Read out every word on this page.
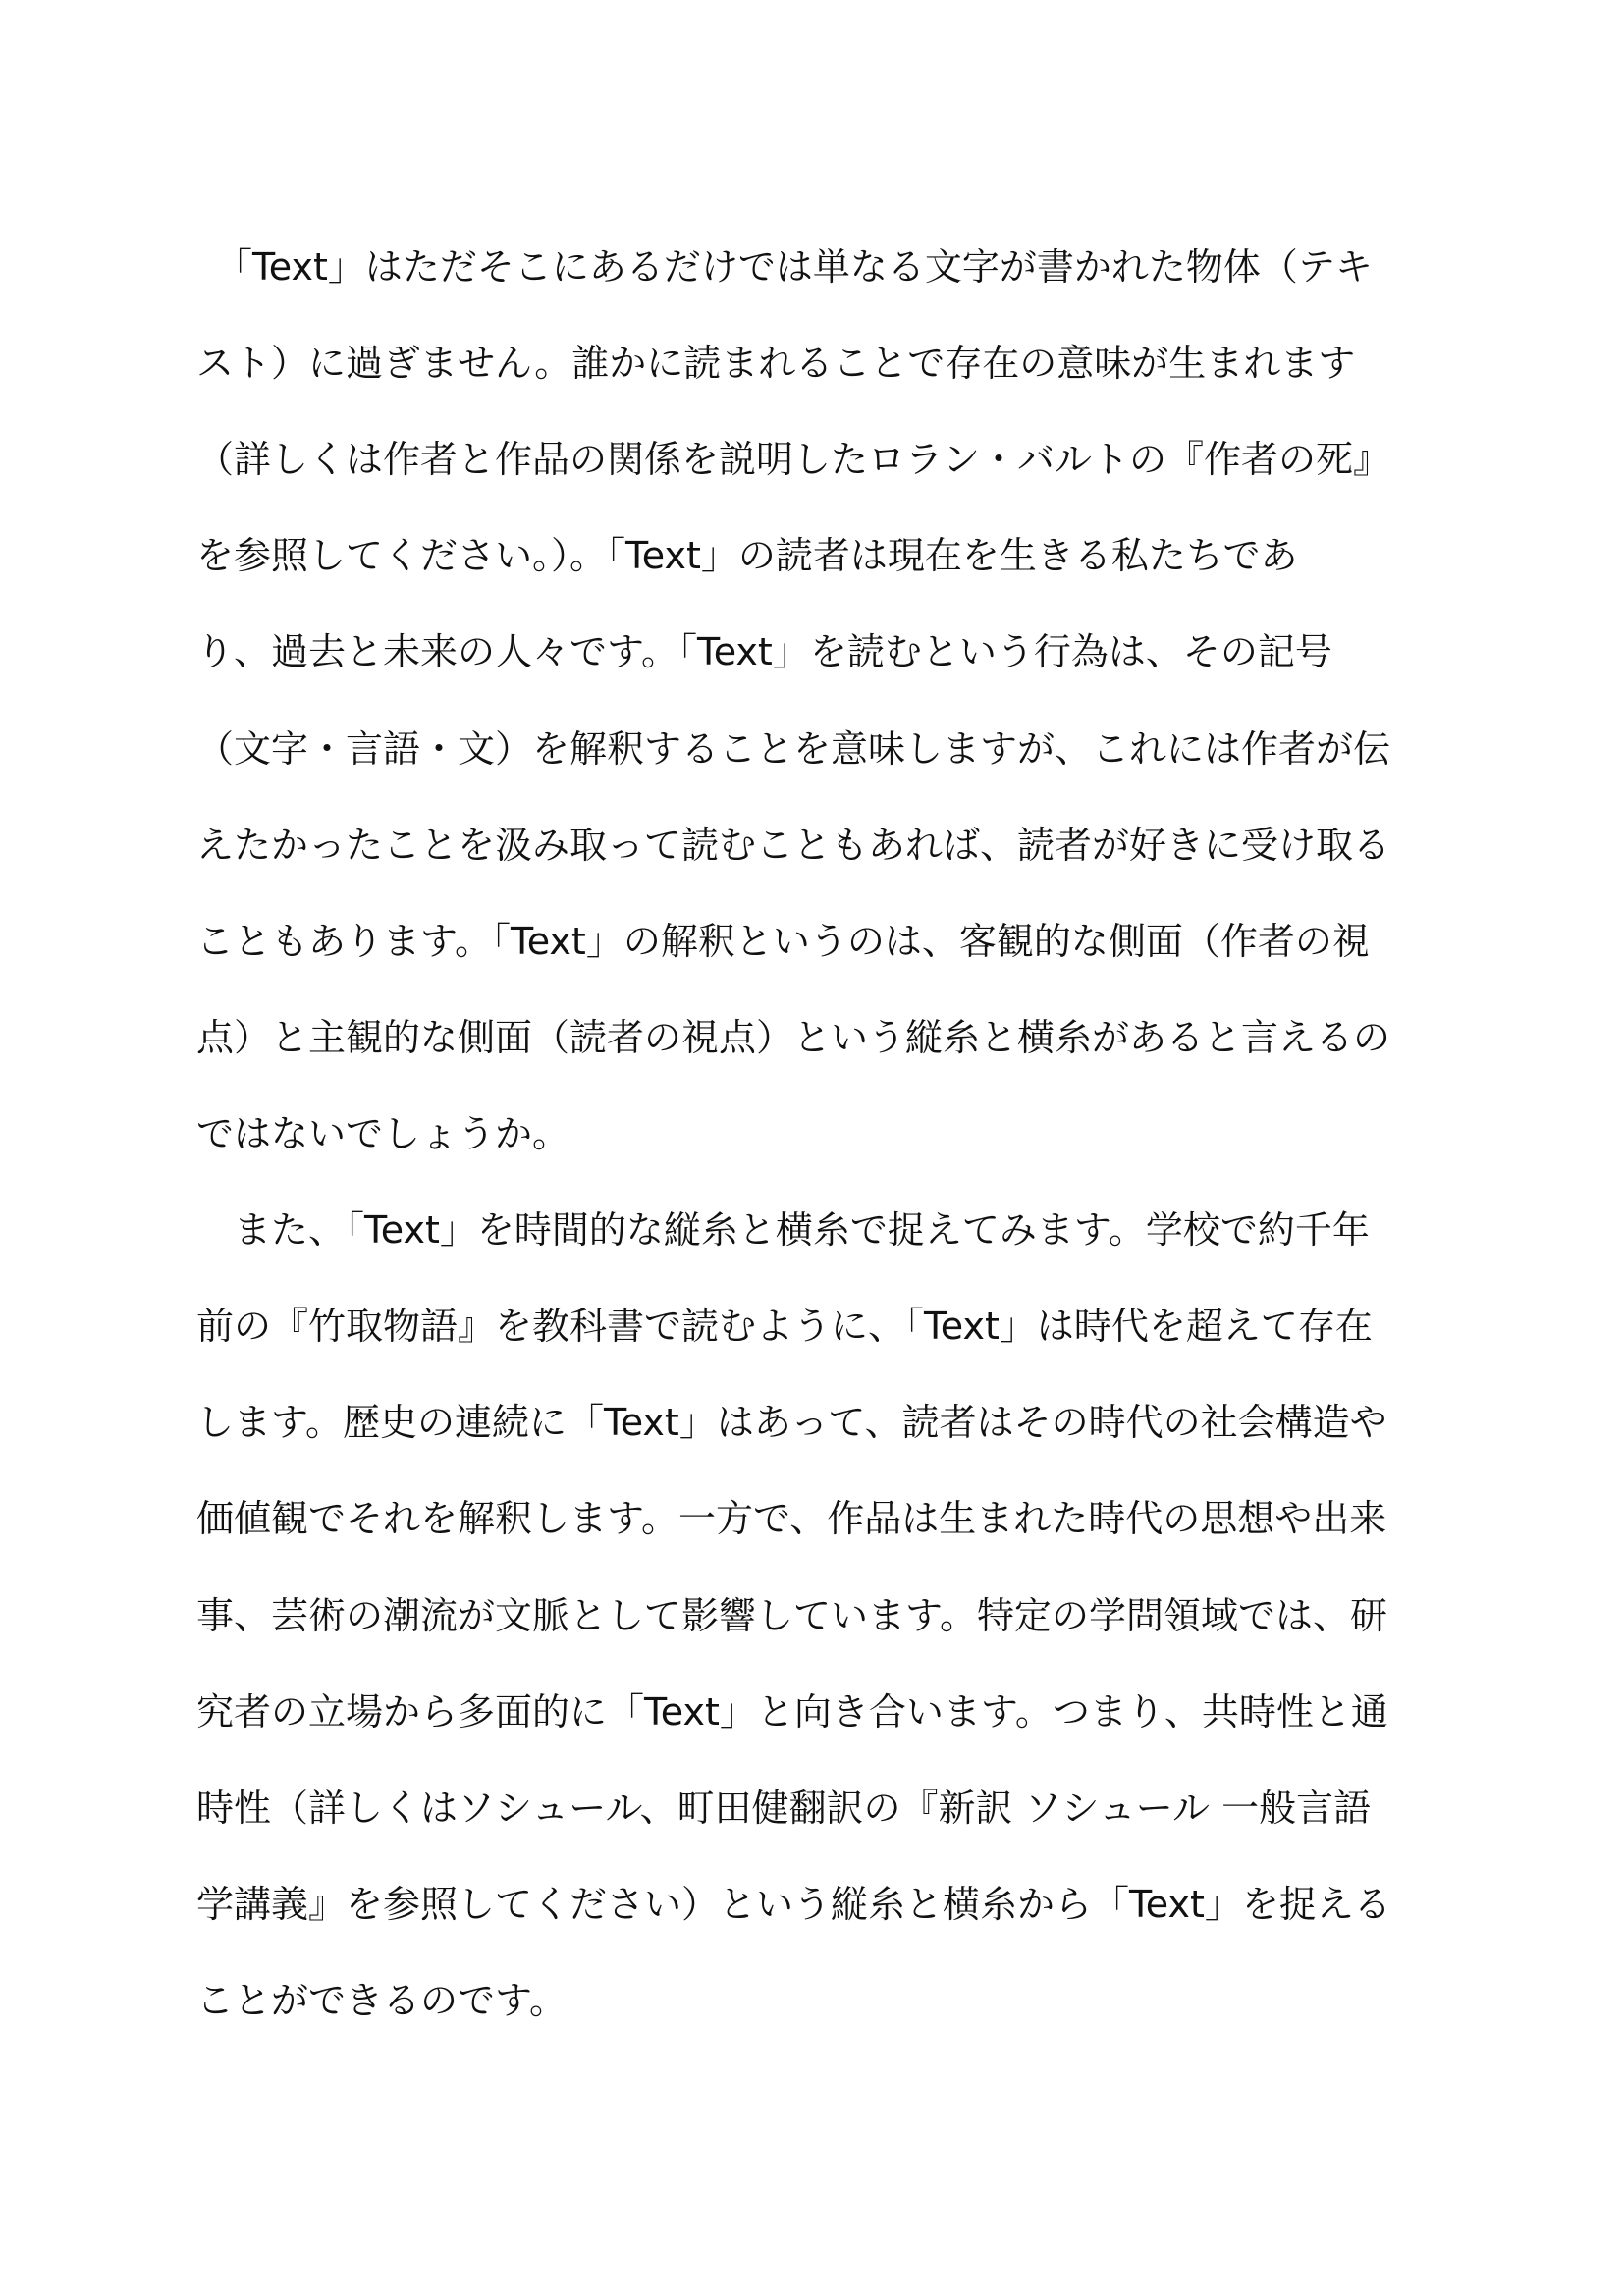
　「Text」はただそこにあるだけでは単なる文字が書かれた物体（テキ
スト）に過ぎません。誰かに読まれることで存在の意味が生まれます
（詳しくは作者と作品の関係を説明したロラン・バルトの『作者の死』
を参照してください。）。「Text」の読者は現在を生きる私たちであ
り、過去と未来の人々です。「Text」を読むという行為は、その記号
（文字・言語・文）を解釈することを意味しますが、これには作者が伝
えたかったことを汲み取って読むこともあれば、読者が好きに受け取る
こともあります。「Text」の解釈というのは、客観的な側面（作者の視
点）と主観的な側面（読者の視点）という縦糸と横糸があると言えるの
ではないでしょうか。
　また、「Text」を時間的な縦糸と横糸で捉えてみます。学校で約千年
前の『竹取物語』を教科書で読むように、「Text」は時代を超えて存在
します。歴史の連続に「Text」はあって、読者はその時代の社会構造や
価値観でそれを解釈します。一方で、作品は生まれた時代の思想や出来
事、芸術の潮流が文脈として影響しています。特定の学問領域では、研
究者の立場から多面的に「Text」と向き合います。つまり、共時性と通
時性（詳しくはソシュール、町田健翻訳の『新訳 ソシュール 一般言語
学講義』を参照してください）という縦糸と横糸から「Text」を捉える
ことができるのです。
